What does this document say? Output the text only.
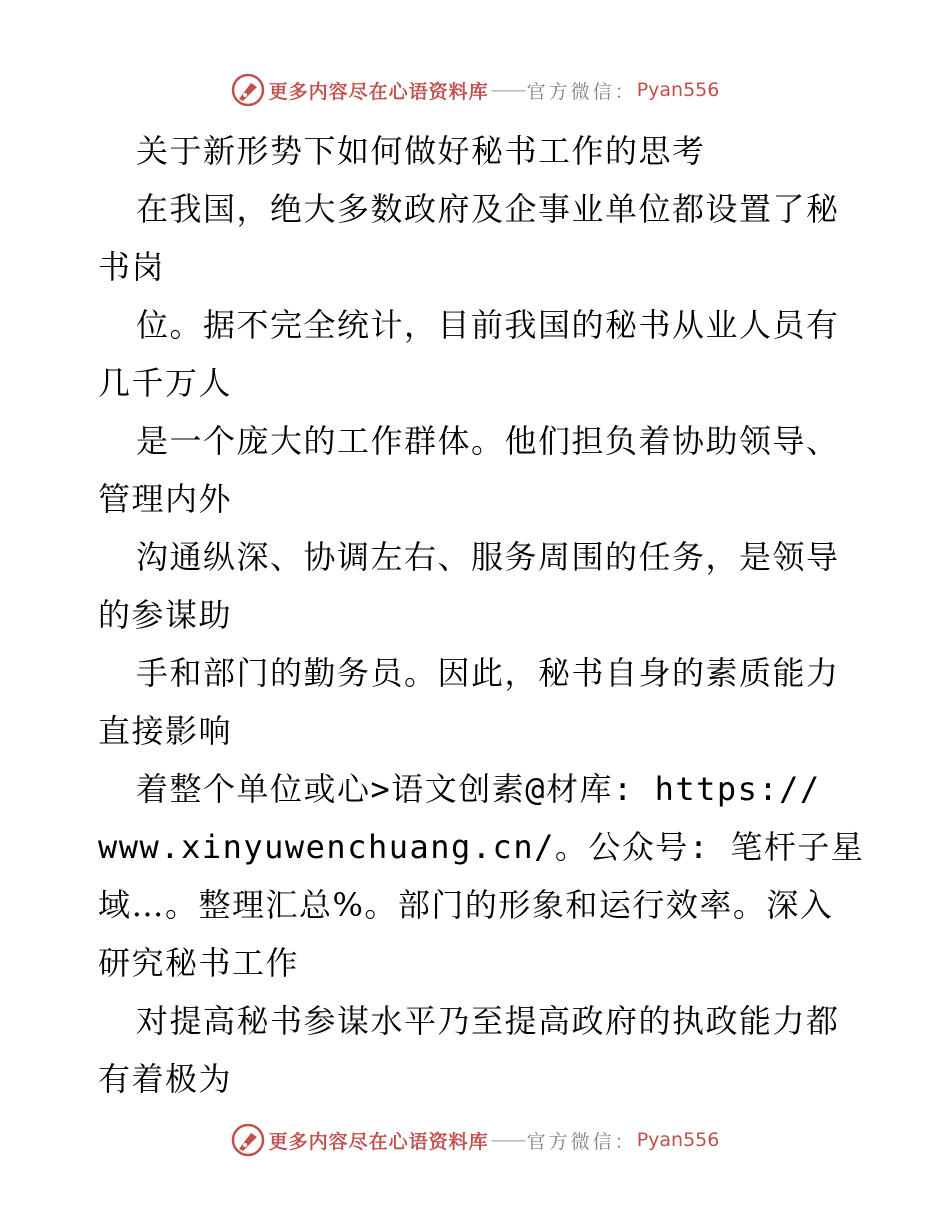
更多内容尽在心语资料库 —— 官方微信： Pyan556
关于新形势下如何做好秘书工作的思考
在我国，绝大多数政府及企事业单位都设置了秘
书岗
位。据不完全统计，目前我国的秘书从业人员有
几千万人
是一个庞大的工作群体。他们担负着协助领导、
管理内外
沟通纵深、协调左右、服务周围的任务，是领导
的参谋助
手和部门的勤务员。因此，秘书自身的素质能力
直接影响
着整个单位或心>语文创素@材库: https://
www.xinyuwenchuang.cn/。公众号: 笔杆子星
域…。整理汇总%。部门的形象和运行效率。深入
研究秘书工作
对提高秘书参谋水平乃至提高政府的执政能力都
有着极为
更多内容尽在心语资料库 —— 官方微信： Pyan556
